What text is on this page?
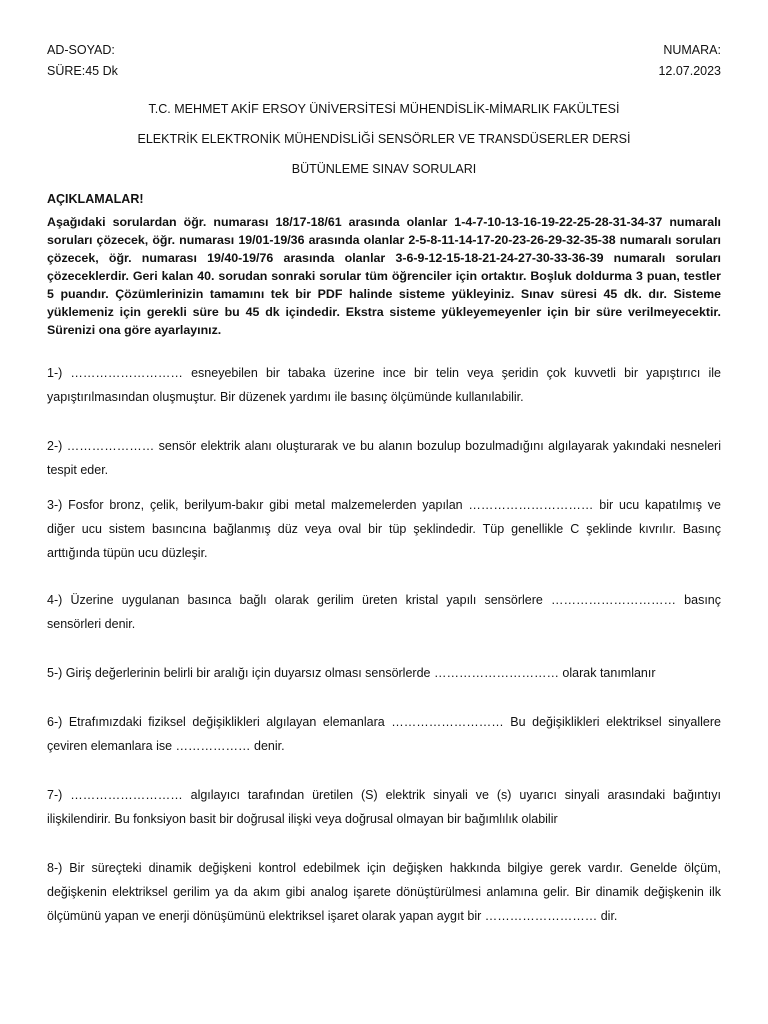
AD-SOYAD:	NUMARA:
SÜRE:45 Dk	12.07.2023

T.C. MEHMET AKİF ERSOY ÜNİVERSİTESİ MÜHENDİSLİK-MİMARLIK FAKÜLTESİ

ELEKTRİK ELEKTRONİK MÜHENDİSLİĞİ SENSÖRLER VE TRANSDÜSERLER DERSİ

BÜTÜNLEME SINAV SORULARI

AÇIKLAMALAR!
Aşağıdaki sorulardan öğr. numarası 18/17-18/61 arasında olanlar 1-4-7-10-13-16-19-22-25-28-31-34-37 numaralı soruları çözecek, öğr. numarası 19/01-19/36 arasında olanlar 2-5-8-11-14-17-20-23-26-29-32-35-38 numaralı soruları çözecek, öğr. numarası 19/40-19/76 arasında olanlar 3-6-9-12-15-18-21-24-27-30-33-36-39 numaralı soruları çözeceklerdir. Geri kalan 40. sorudan sonraki sorular tüm öğrenciler için ortaktır. Boşluk doldurma 3 puan, testler 5 puandır. Çözümlerinizin tamamını tek bir PDF halinde sisteme yükleyiniz. Sınav süresi 45 dk. dır. Sisteme yüklemeniz için gerekli süre bu 45 dk içindedir. Ekstra sisteme yükleyemeyenler için bir süre verilmeyecektir. Sürenizi ona göre ayarlayınız.

1-) ……………………… esneyebilen bir tabaka üzerine ince bir telin veya şeridin çok kuvvetli bir yapıştırıcı ile yapıştırılmasından oluşmuştur. Bir düzenek yardımı ile basınç ölçümünde kullanılabilir.

2-) ………………… sensör elektrik alanı oluşturarak ve bu alanın bozulup bozulmadığını algılayarak yakındaki nesneleri tespit eder.

3-) Fosfor bronz, çelik, berilyum-bakır gibi metal malzemelerden yapılan ………………………… bir ucu kapatılmış ve diğer ucu sistem basıncına bağlanmış düz veya oval bir tüp şeklindedir. Tüp genellikle C şeklinde kıvrılır. Basınç arttığında tüpün ucu düzleşir.

4-) Üzerine uygulanan basınca bağlı olarak gerilim üreten kristal yapılı sensörlere ………………………… basınç sensörleri denir.

5-) Giriş değerlerinin belirli bir aralığı için duyarsız olması sensörlerde ………………………… olarak tanımlanır

6-) Etrafımızdaki fiziksel değişiklikleri algılayan elemanlara ……………………… Bu değişiklikleri elektriksel sinyallere çeviren elemanlara ise ……………… denir.

7-) ……………………… algılayıcı tarafından üretilen (S) elektrik sinyali ve (s) uyarıcı sinyali arasındaki bağıntıyı ilişkilendirir. Bu fonksiyon basit bir doğrusal ilişki veya doğrusal olmayan bir bağımlılık olabilir

8-) Bir süreçteki dinamik değişkeni kontrol edebilmek için değişken hakkında bilgiye gerek vardır. Genelde ölçüm, değişkenin elektriksel gerilim ya da akım gibi analog işarete dönüştürülmesi anlamına gelir. Bir dinamik değişkenin ilk ölçümünü yapan ve enerji dönüşümünü elektriksel işaret olarak yapan aygıt bir ……………………… dir.
